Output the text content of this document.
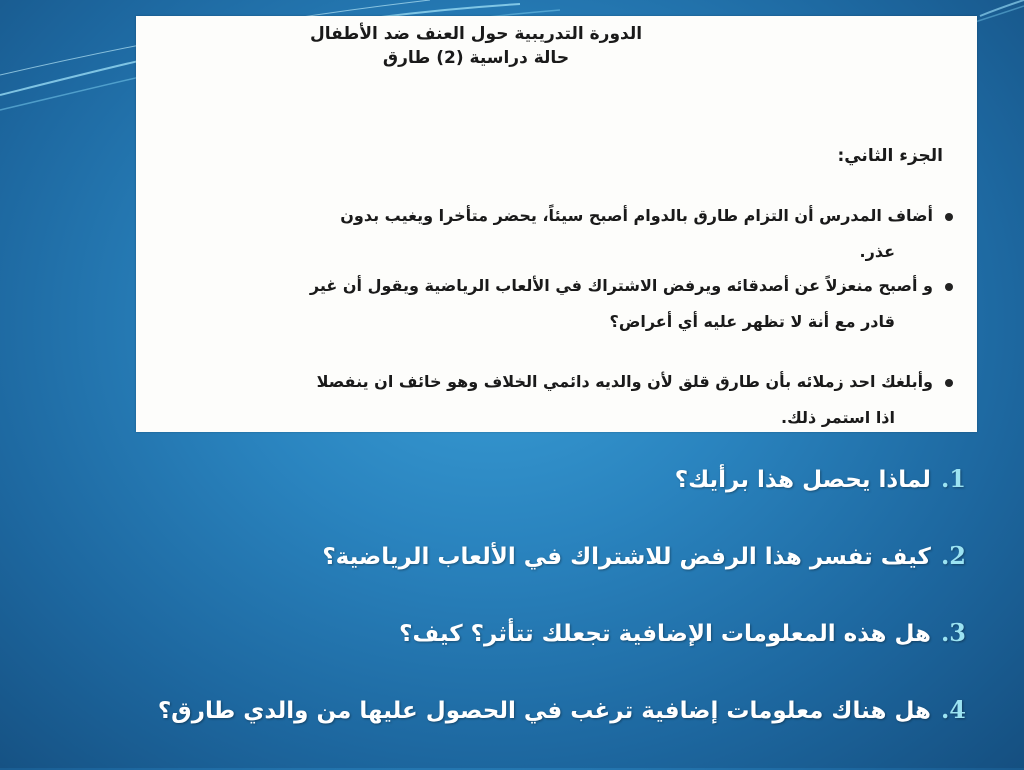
الدورة التدريبية حول العنف ضد الأطفال
حالة دراسية (2) طارق
الجزء الثاني:
أضاف المدرس أن التزام طارق بالدوام أصبح سيئاً، يحضر متأخرا ويغيب بدون
عذر.
و أصبح منعزلاً عن أصدقائه ويرفض الاشتراك في الألعاب الرياضية ويقول أن غير
قادر مع أنة لا تظهر عليه أي أعراض؟
وأبلغك احد زملائه بأن طارق قلق لأن والديه دائمي الخلاف وهو خائف ان ينفصلا
اذا استمر ذلك.
1.لماذا يحصل هذا برأيك؟
2.كيف تفسر هذا الرفض للاشتراك في الألعاب الرياضية؟
3.هل هذه المعلومات الإضافية تجعلك تتأثر؟ كيف؟
4.هل هناك معلومات إضافية ترغب في الحصول عليها من والدي طارق؟
